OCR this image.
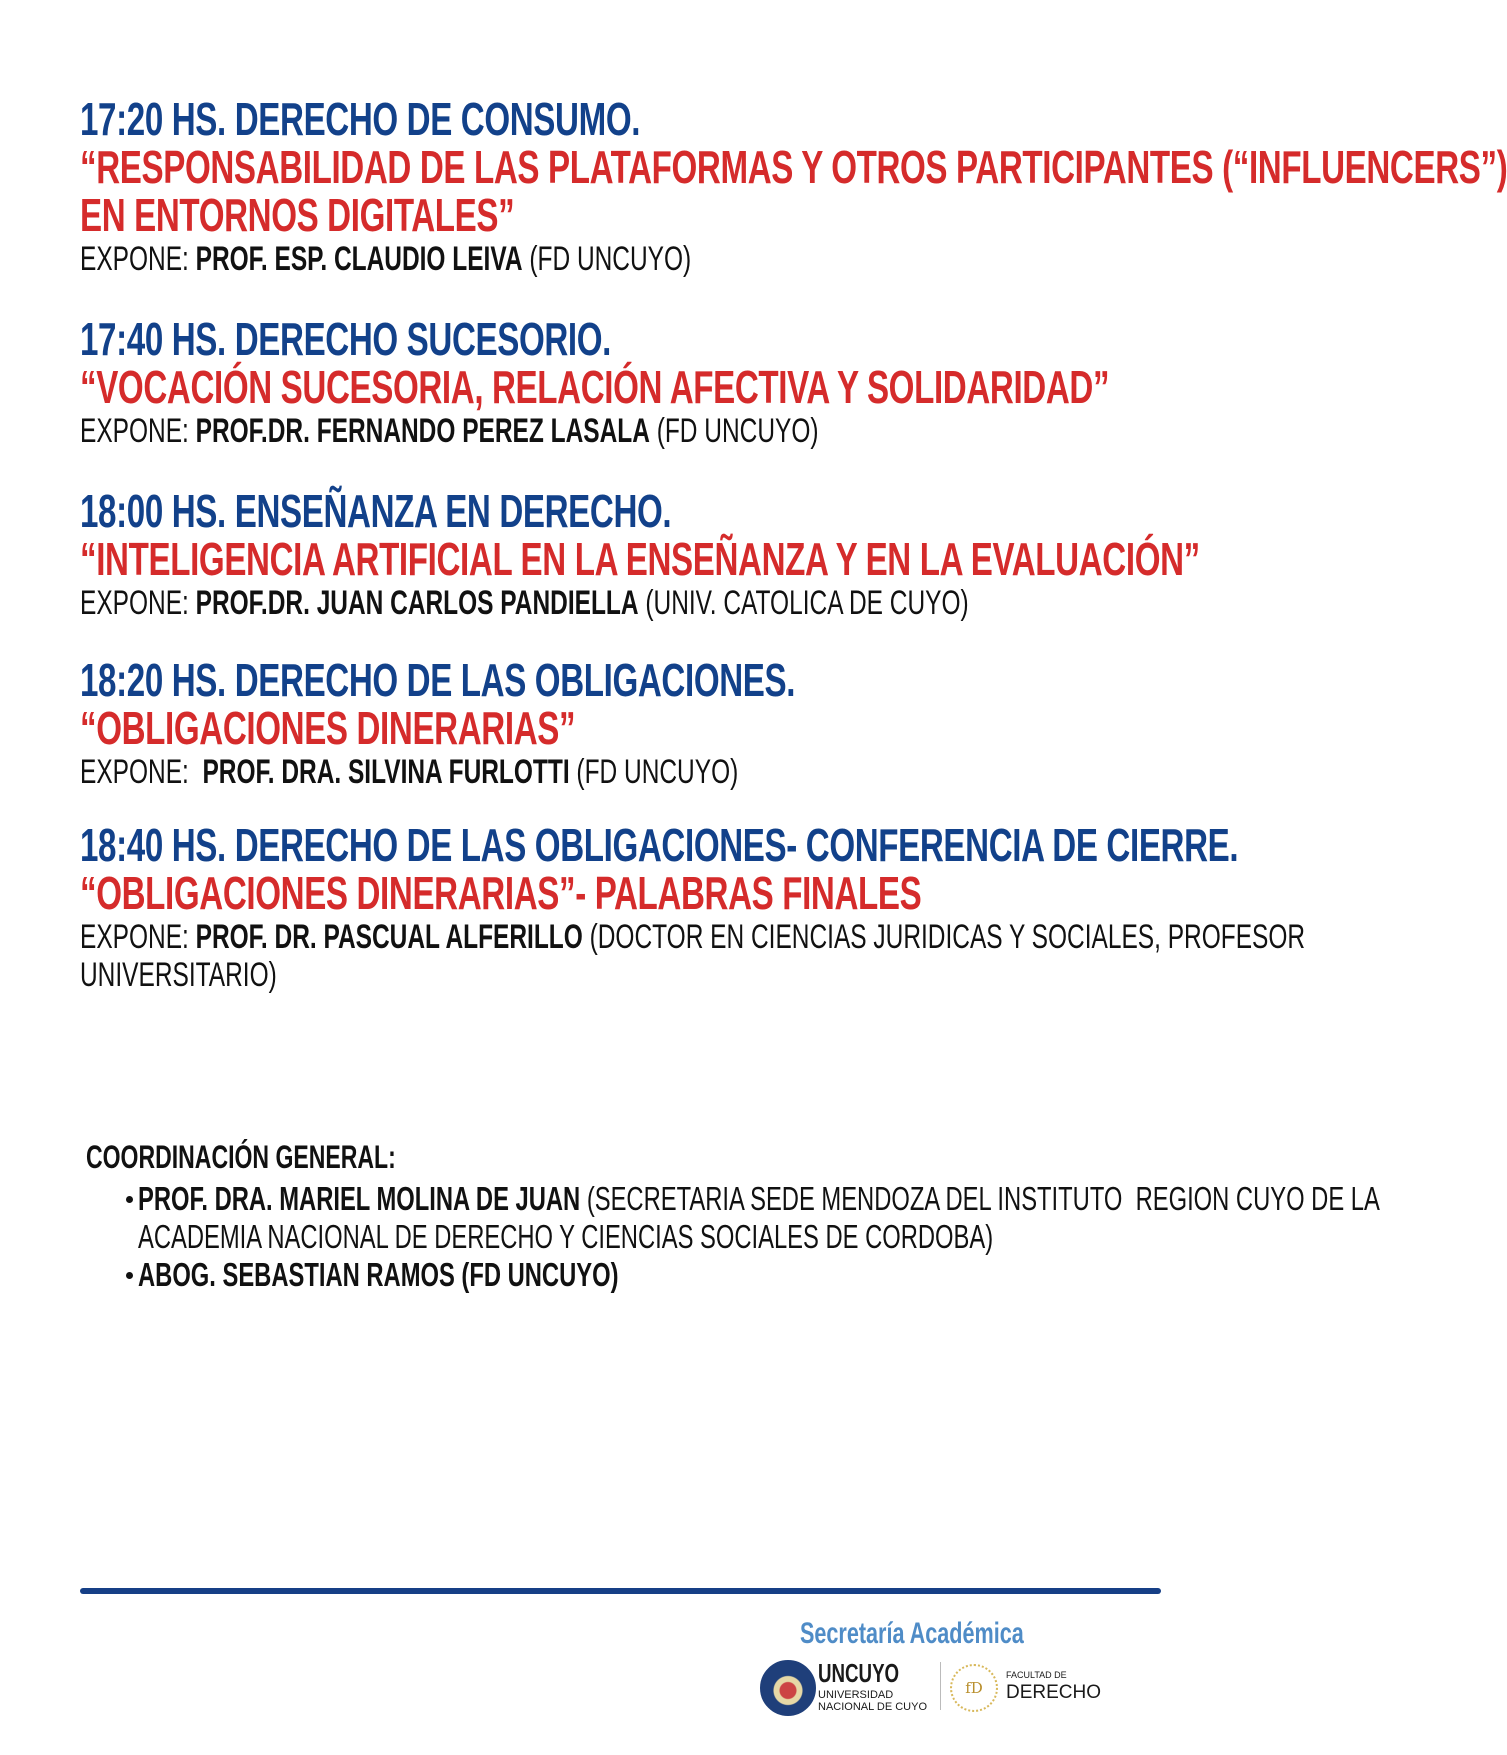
17:20 HS. DERECHO DE CONSUMO.
“RESPONSABILIDAD DE LAS PLATAFORMAS Y OTROS PARTICIPANTES (“INFLUENCERS”)
EN ENTORNOS DIGITALES”
EXPONE: PROF. ESP. CLAUDIO LEIVA (FD UNCUYO)
17:40 HS. DERECHO SUCESORIO.
“VOCACIÓN SUCESORIA, RELACIÓN AFECTIVA Y SOLIDARIDAD”
EXPONE: PROF.DR. FERNANDO PEREZ LASALA (FD UNCUYO)
18:00 HS. ENSEÑANZA EN DERECHO.
“INTELIGENCIA ARTIFICIAL EN LA ENSEÑANZA Y EN LA EVALUACIÓN”
EXPONE: PROF.DR. JUAN CARLOS PANDIELLA (UNIV. CATOLICA DE CUYO)
18:20 HS. DERECHO DE LAS OBLIGACIONES.
“OBLIGACIONES DINERARIAS”
EXPONE:  PROF. DRA. SILVINA FURLOTTI (FD UNCUYO)
18:40 HS. DERECHO DE LAS OBLIGACIONES- CONFERENCIA DE CIERRE.
“OBLIGACIONES DINERARIAS”- PALABRAS FINALES
EXPONE: PROF. DR. PASCUAL ALFERILLO (DOCTOR EN CIENCIAS JURIDICAS Y SOCIALES, PROFESOR
UNIVERSITARIO)
COORDINACIÓN GENERAL:
PROF. DRA. MARIEL MOLINA DE JUAN (SECRETARIA SEDE MENDOZA DEL INSTITUTO  REGION CUYO DE LA
ACADEMIA NACIONAL DE DERECHO Y CIENCIAS SOCIALES DE CORDOBA)
ABOG. SEBASTIAN RAMOS (FD UNCUYO)
Secretaría Académica
UNCUYO
UNIVERSIDAD NACIONAL DE CUYO
fD
FACULTAD DE
DERECHO
